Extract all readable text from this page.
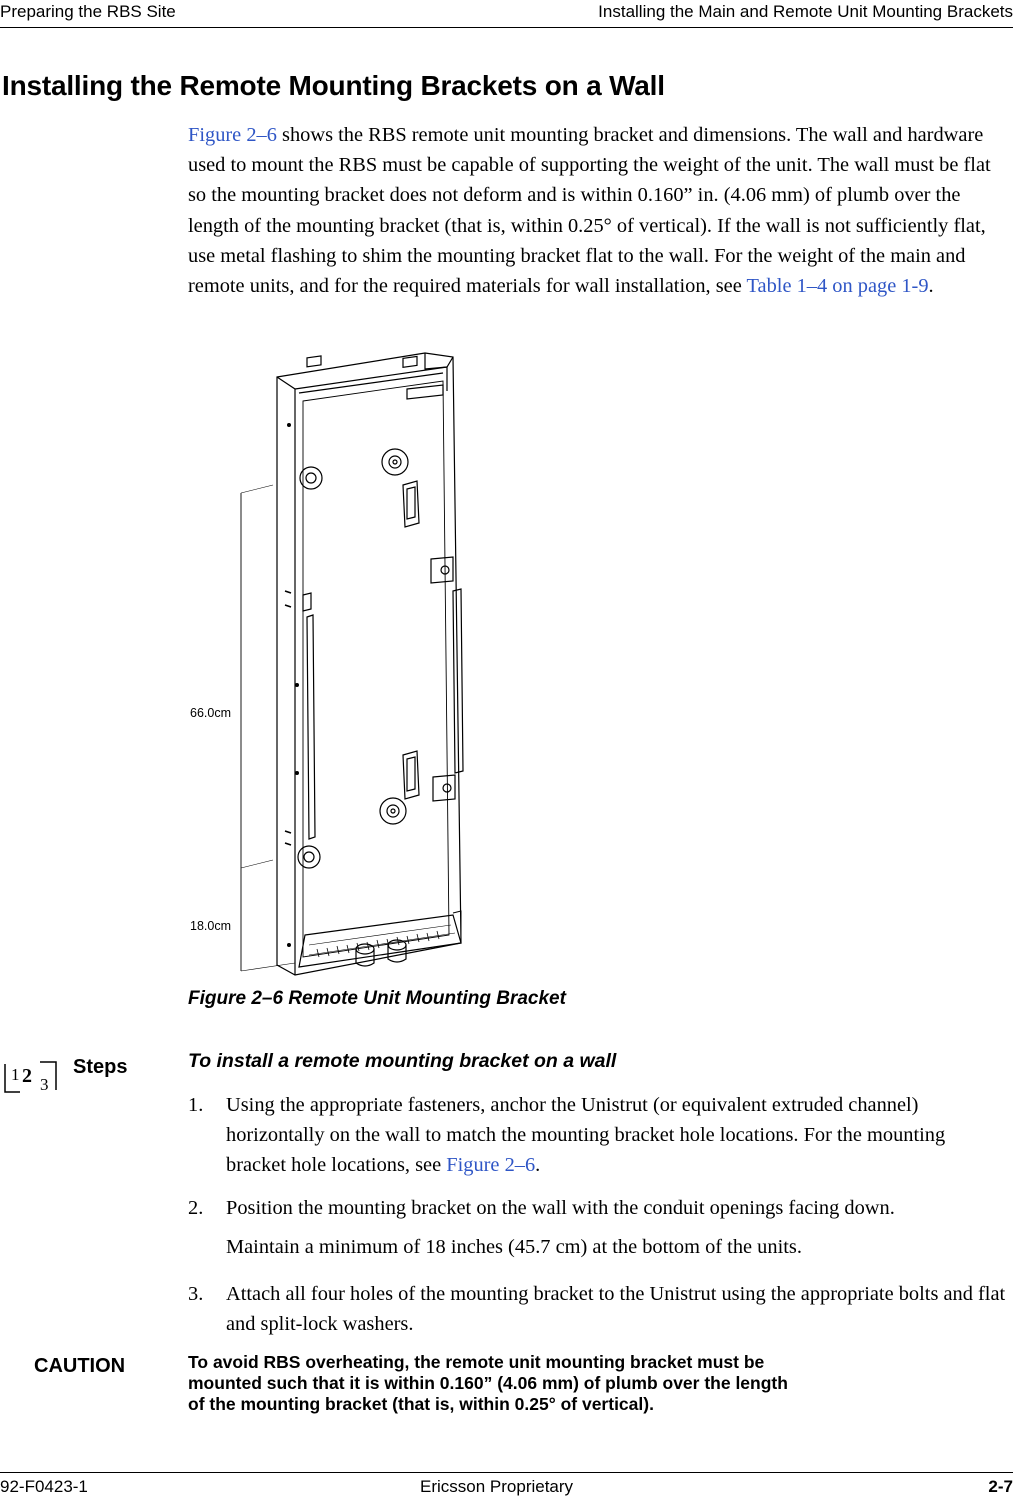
Preparing the RBS Site	Installing the Main and Remote Unit Mounting Brackets
Installing the Remote Mounting Brackets on a Wall

Figure 2–6 shows the RBS remote unit mounting bracket and dimensions. The wall and hardware used to mount the RBS must be capable of supporting the weight of the unit. The wall must be flat so the mounting bracket does not deform and is within 0.160” in. (4.06 mm) of plumb over the length of the mounting bracket (that is, within 0.25° of vertical). If the wall is not sufficiently flat, use metal flashing to shim the mounting bracket flat to the wall. For the weight of the main and remote units, and for the required materials for wall installation, see Table 1–4 on page 1-9.

66.0cm
18.0cm
Figure 2–6 Remote Unit Mounting Bracket
1 2 3
Steps	To install a remote mounting bracket on a wall
1. Using the appropriate fasteners, anchor the Unistrut (or equivalent extruded channel) horizontally on the wall to match the mounting bracket hole locations. For the mounting bracket hole locations, see Figure 2–6.
2. Position the mounting bracket on the wall with the conduit openings facing down.
Maintain a minimum of 18 inches (45.7 cm) at the bottom of the units.
3. Attach all four holes of the mounting bracket to the Unistrut using the appropriate bolts and flat and split-lock washers.
CAUTION	To avoid RBS overheating, the remote unit mounting bracket must be mounted such that it is within 0.160” (4.06 mm) of plumb over the length of the mounting bracket (that is, within 0.25° of vertical).
92-F0423-1	Ericsson Proprietary	2-7
